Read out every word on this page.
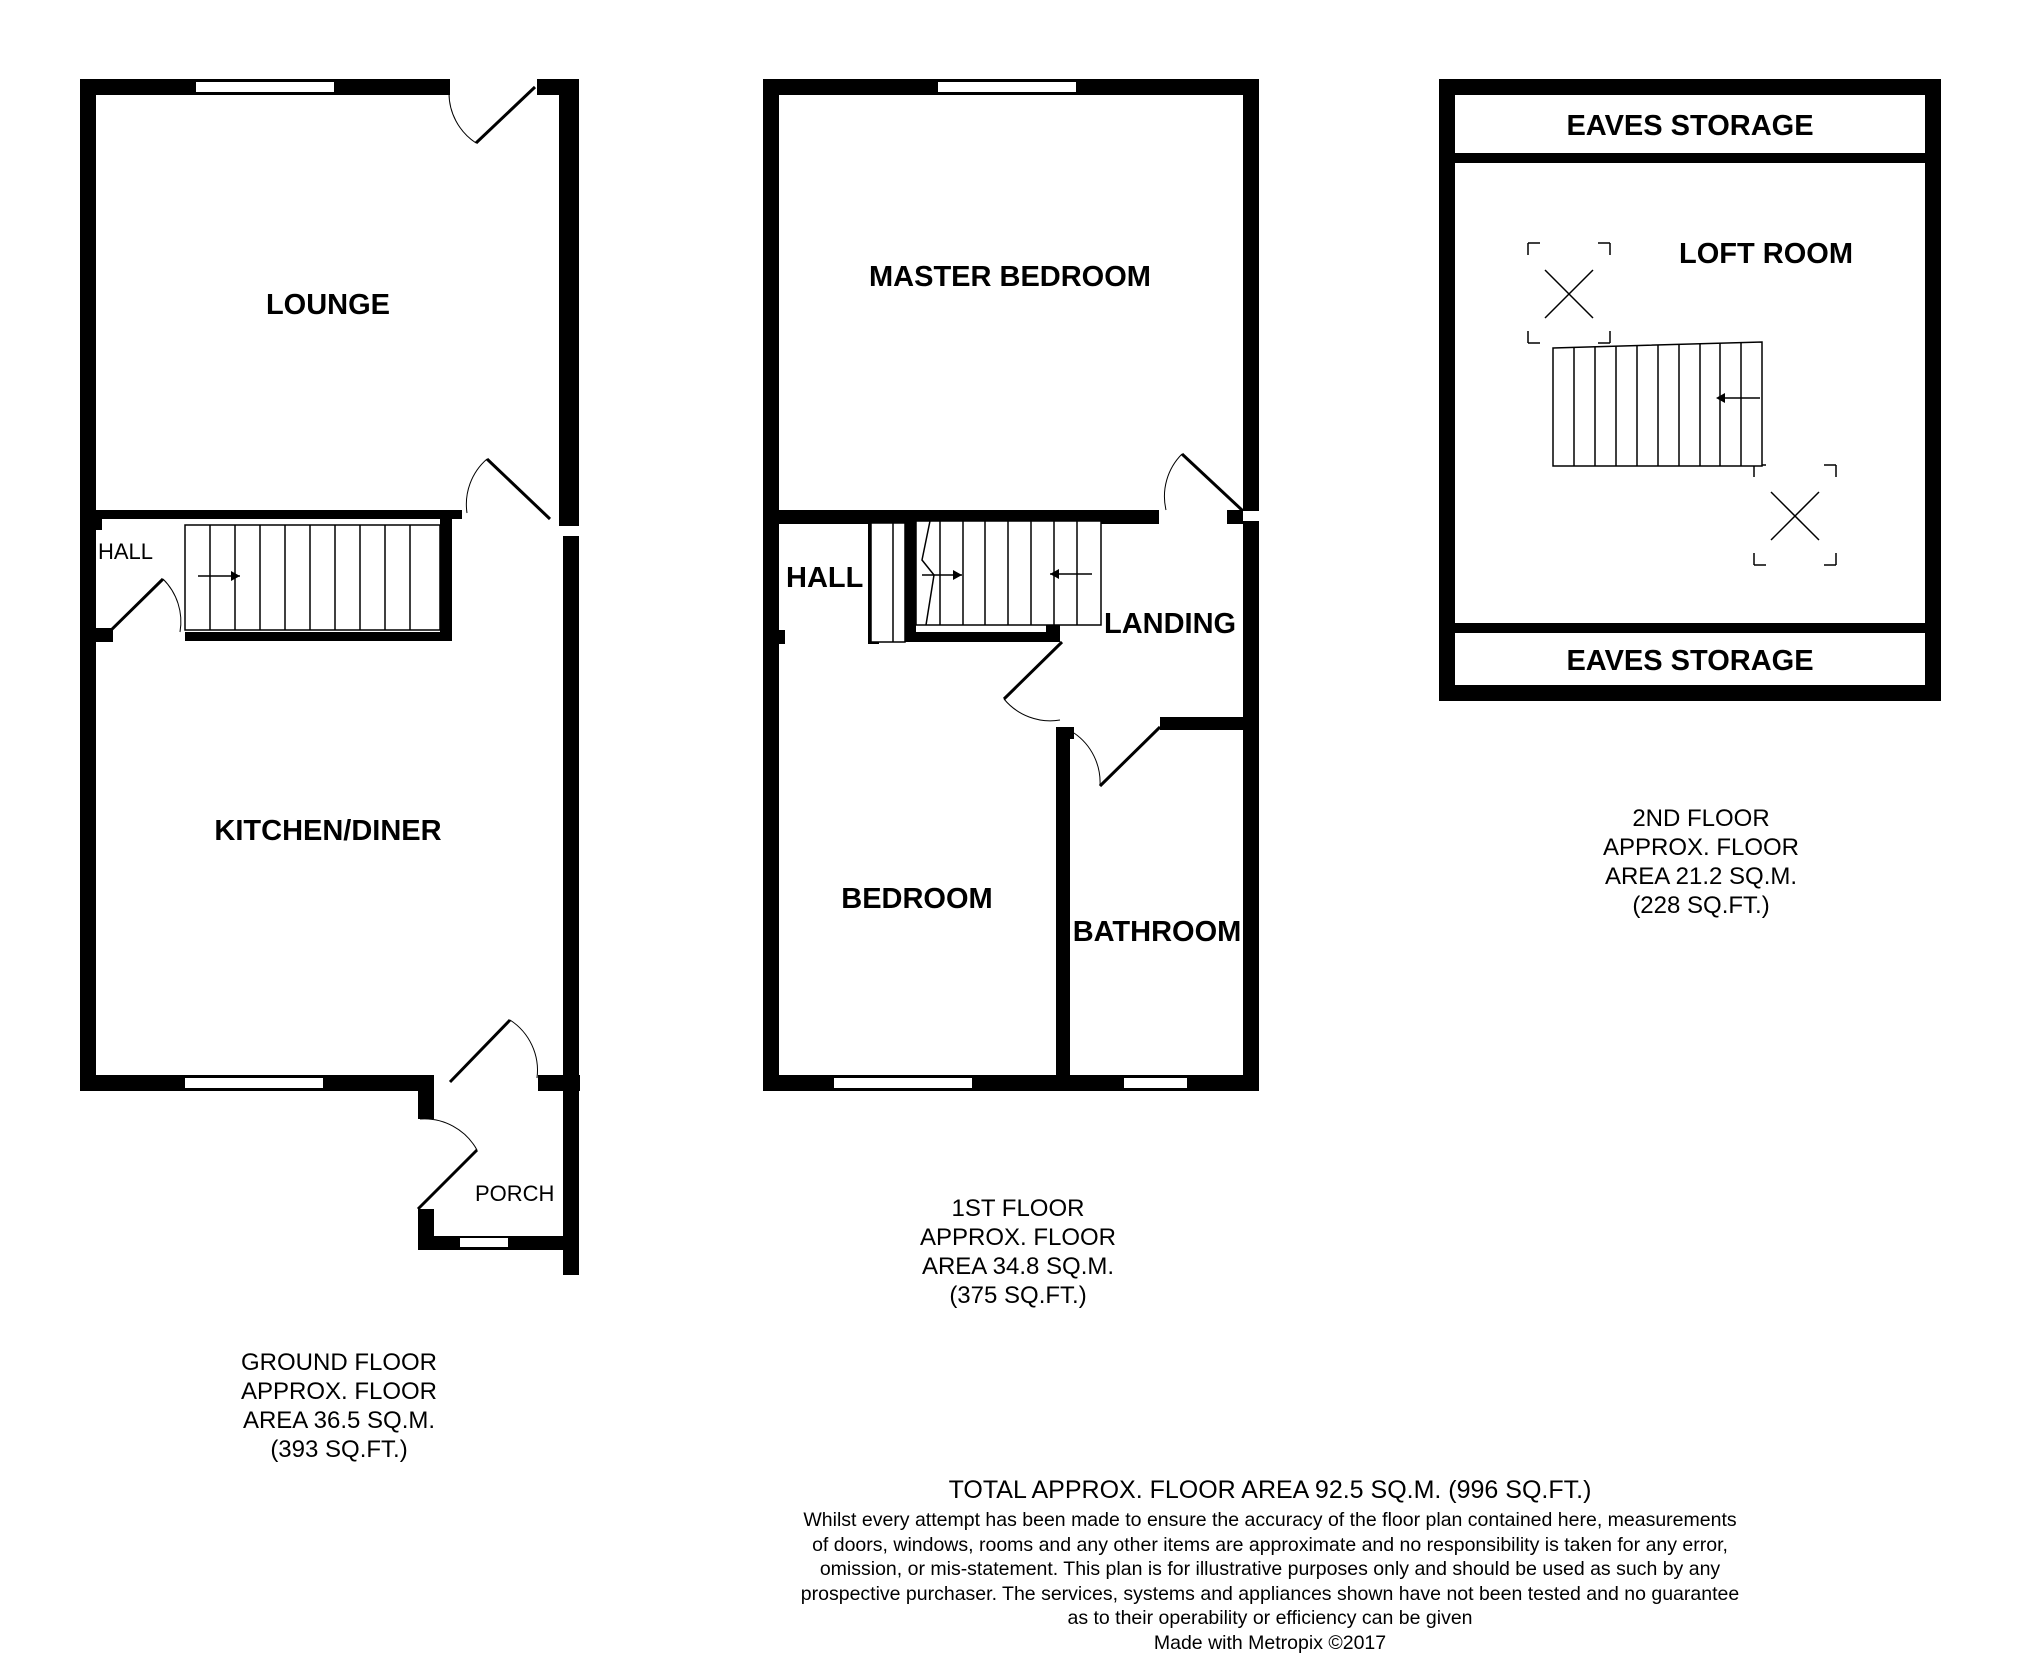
LOUNGE
HALL
KITCHEN/DINER
PORCH
MASTER BEDROOM
HALL
LANDING
BEDROOM
BATHROOM
EAVES STORAGE
LOFT ROOM
EAVES STORAGE
GROUND FLOOR
APPROX. FLOOR
AREA 36.5 SQ.M.
(393 SQ.FT.)
1ST FLOOR
APPROX. FLOOR
AREA 34.8 SQ.M.
(375 SQ.FT.)
2ND FLOOR
APPROX. FLOOR
AREA 21.2 SQ.M.
(228 SQ.FT.)
TOTAL APPROX. FLOOR AREA 92.5 SQ.M. (996 SQ.FT.)
Whilst every attempt has been made to ensure the accuracy of the floor plan contained here, measurements
of doors, windows, rooms and any other items are approximate and no responsibility is taken for any error,
omission, or mis-statement. This plan is for illustrative purposes only and should be used as such by any
prospective purchaser. The services, systems and appliances shown have not been tested and no guarantee
as to their operability or efficiency can be given
Made with Metropix ©2017
